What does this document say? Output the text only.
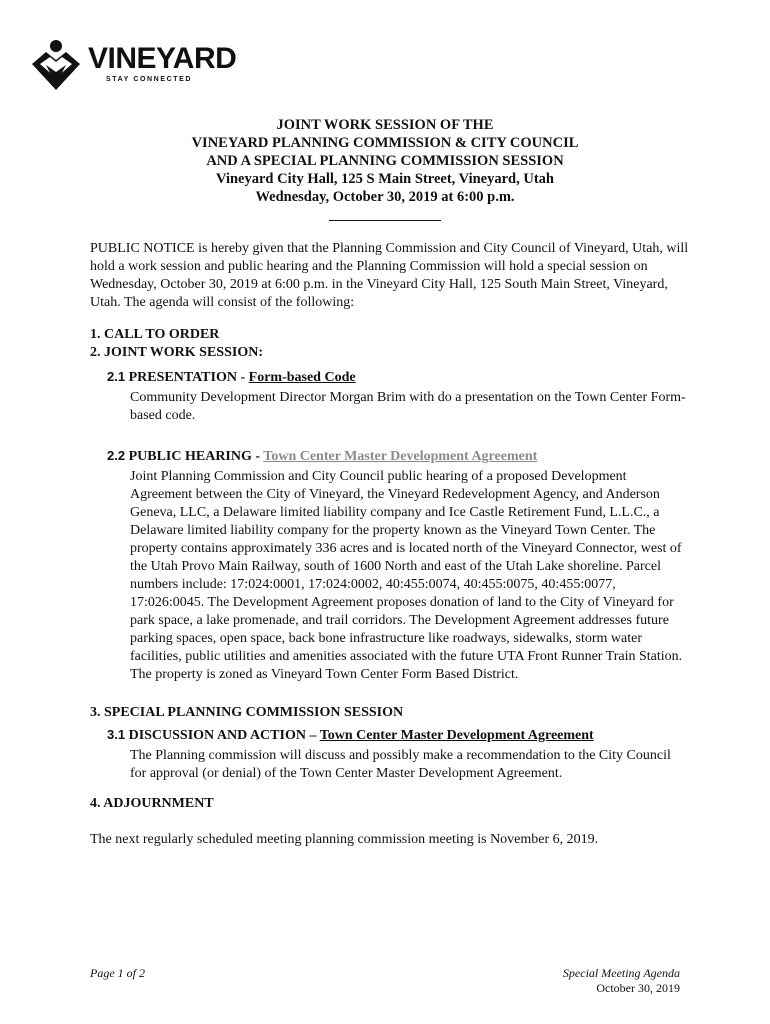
VINEYARD
STAY CONNECTED
JOINT WORK SESSION OF THE
VINEYARD PLANNING COMMISSION & CITY COUNCIL
AND A SPECIAL PLANNING COMMISSION SESSION
Vineyard City Hall, 125 S Main Street, Vineyard, Utah
Wednesday, October 30, 2019 at 6:00 p.m.

PUBLIC NOTICE is hereby given that the Planning Commission and City Council of Vineyard, Utah, will hold a work session and public hearing and the Planning Commission will hold a special session on Wednesday, October 30, 2019 at 6:00 p.m. in the Vineyard City Hall, 125 South Main Street, Vineyard, Utah. The agenda will consist of the following:

1. CALL TO ORDER

2. JOINT WORK SESSION:

2.1 PRESENTATION - Form-based Code

Community Development Director Morgan Brim with do a presentation on the Town Center Form-based code.

2.2 PUBLIC HEARING - Town Center Master Development Agreement

Joint Planning Commission and City Council public hearing of a proposed Development Agreement between the City of Vineyard, the Vineyard Redevelopment Agency, and Anderson Geneva, LLC, a Delaware limited liability company and Ice Castle Retirement Fund, L.L.C., a Delaware limited liability company for the property known as the Vineyard Town Center. The property contains approximately 336 acres and is located north of the Vineyard Connector, west of the Utah Provo Main Railway, south of 1600 North and east of the Utah Lake shoreline. Parcel numbers include: 17:024:0001, 17:024:0002, 40:455:0074, 40:455:0075, 40:455:0077, 17:026:0045. The Development Agreement proposes donation of land to the City of Vineyard for park space, a lake promenade, and trail corridors. The Development Agreement addresses future parking spaces, open space, back bone infrastructure like roadways, sidewalks, storm water facilities, public utilities and amenities associated with the future UTA Front Runner Train Station. The property is zoned as Vineyard Town Center Form Based District.

3. SPECIAL PLANNING COMMISSION SESSION

3.1 DISCUSSION AND ACTION – Town Center Master Development Agreement

The Planning commission will discuss and possibly make a recommendation to the City Council for approval (or denial) of the Town Center Master Development Agreement.

4. ADJOURNMENT

The next regularly scheduled meeting planning commission meeting is November 6, 2019.

Page 1 of 2	Special Meeting Agenda
October 30, 2019
